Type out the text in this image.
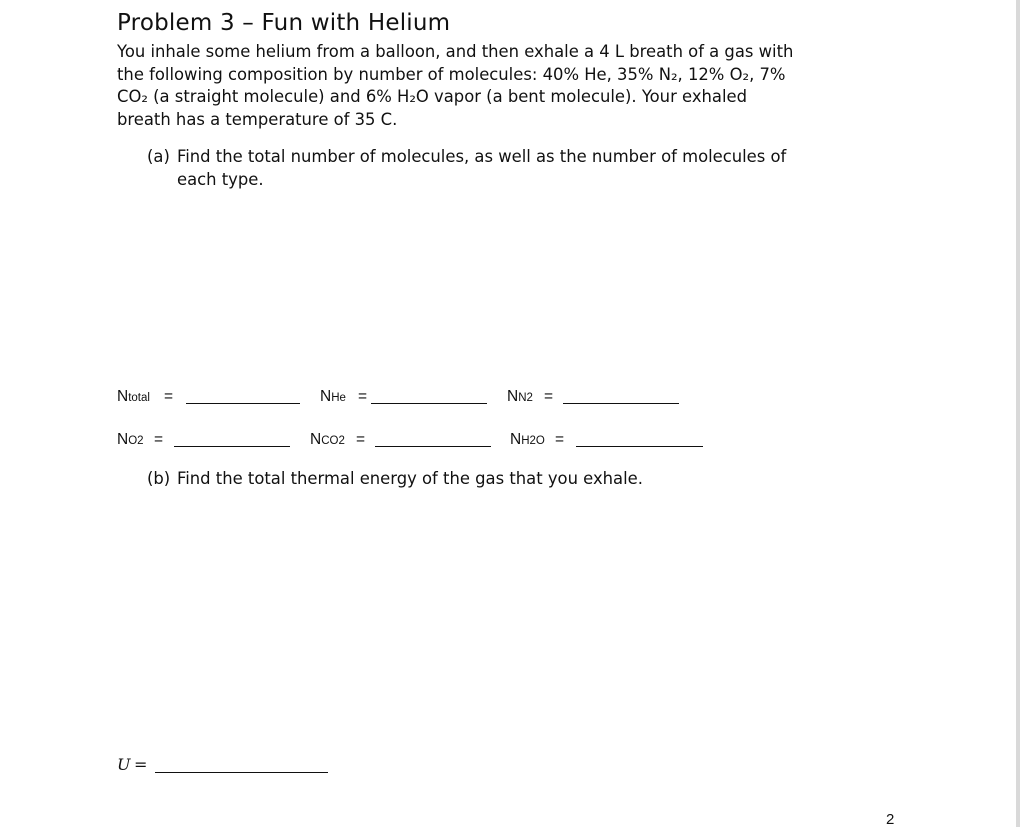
Problem 3 – Fun with Helium
You inhale some helium from a balloon, and then exhale a 4 L breath of a gas with
the following composition by number of molecules: 40% He, 35% N₂, 12% O₂, 7%
CO₂ (a straight molecule) and 6% H₂O vapor (a bent molecule). Your exhaled
breath has a temperature of 35 C.
(a) Find the total number of molecules, as well as the number of molecules of
each type.
Ntotal =	NHe =	NN2 =
NO2 =	NCO2 =	NH2O =
(b) Find the total thermal energy of the gas that you exhale.
U =
2
